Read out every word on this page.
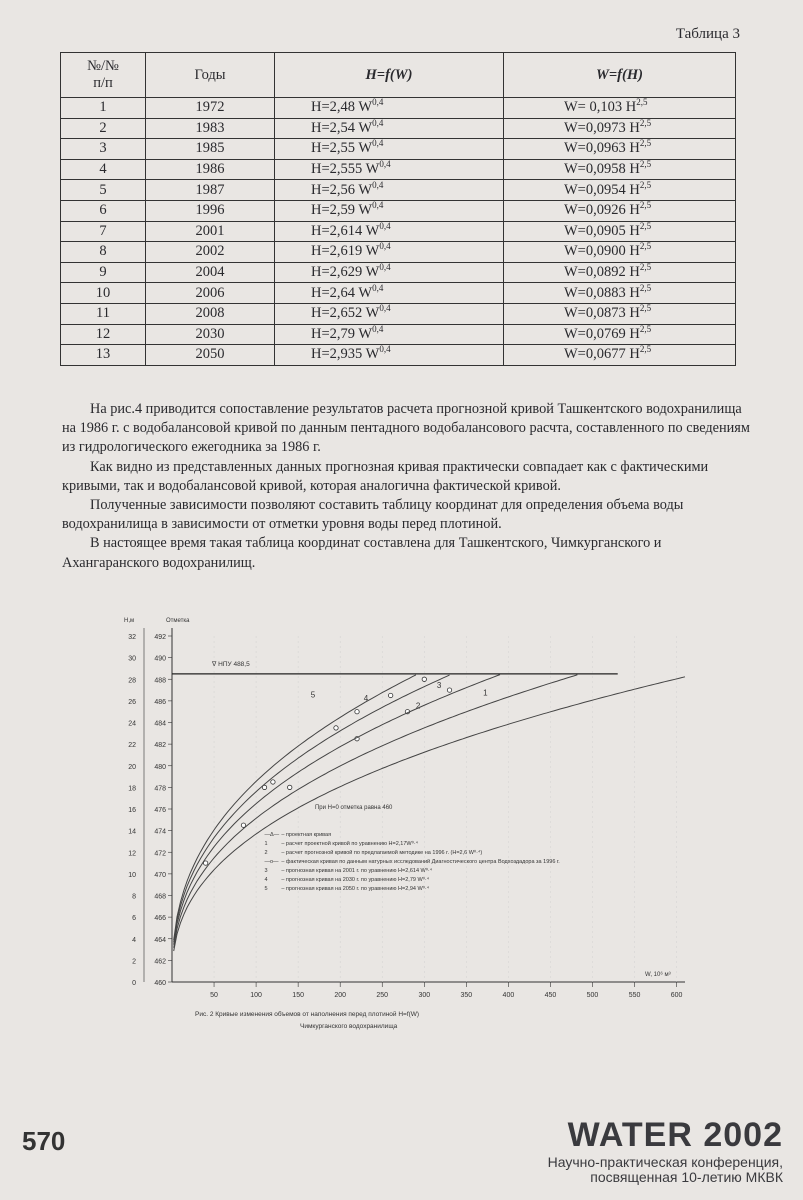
Таблица 3
№/№
п/п	Годы	H=f(W)	W=f(H)
1	1972	H=2,48 W$^{0,4}$	W= 0,103 H$^{2,5}$
2	1983	H=2,54 W$^{0,4}$	W=0,0973 H$^{2,5}$
3	1985	H=2,55 W$^{0,4}$	W=0,0963 H$^{2,5}$
4	1986	H=2,555 W$^{0,4}$	W=0,0958 H$^{2,5}$
5	1987	H=2,56 W$^{0,4}$	W=0,0954 H$^{2,5}$
6	1996	H=2,59 W$^{0,4}$	W=0,0926 H$^{2,5}$
7	2001	H=2,614 W$^{0,4}$	W=0,0905 H$^{2,5}$
8	2002	H=2,619 W$^{0,4}$	W=0,0900 H$^{2,5}$
9	2004	H=2,629 W$^{0,4}$	W=0,0892 H$^{2,5}$
10	2006	H=2,64 W$^{0,4}$	W=0,0883 H$^{2,5}$
11	2008	H=2,652 W$^{0,4}$	W=0,0873 H$^{2,5}$
12	2030	H=2,79 W$^{0,4}$	W=0,0769 H$^{2,5}$
13	2050	H=2,935 W$^{0,4}$	W=0,0677 H$^{2,5}$

На рис.4 приводится сопоставление результатов расчета прогнозной кривой Ташкентского водохранилища на 1986 г. с водобалансовой кривой по данным пентадного водобалансового расчта, составленного по сведениям из гидрологического ежегодника за 1986 г.

Как видно из представленных данных прогнозная кривая практически совпадает как с фактическими кривыми, так и водобалансовой кривой, которая аналогична фактической кривой.

Полученные зависимости позволяют составить таблицу координат для определения объема воды водохранилища в зависимости от отметки уровня воды перед плотиной.

В настоящее время такая таблица координат составлена для Ташкентского, Чимкурганского и Ахангаранского водохранилищ.

H,м	Отметка
W, 10⁶ м³
0	460
2	462
4	464
6	466
8	468
10	470
12	472
14	474
16	476
18	478
20	480
22	482
24	484
26	486
28	488
30	490
32	492
50	100	150	200	250	300	350	400	450	500	550	600
∇ НПУ 488,5
1
2
3
4
5
При H=0 отметка равна 460
—Δ— – проектная кривая
1	– расчет проектной кривой по уравнению H=2,17W⁰·⁴
2	– расчет прогнозной кривой по предлагаемой методике на 1996 г. (H=2,6 W⁰·⁴)
—o— – фактическая кривая по данным натурных исследований Диагностического центра Водхоздадора за 1996 г.
3	– прогнозная кривая на 2001 г. по уравнению H=2,614 W⁰·⁴
4	– прогнозная кривая на 2030 г. по уравнению H=2,79 W⁰·⁴
5	– прогнозная кривая на 2050 г. по уравнению H=2,94 W⁰·⁴
Рис. 2 Кривые изменения объемов от наполнения перед плотиной H=f(W)
Чимкурганского водохранилища
570	WATER 2002
Научно-практическая конференция,
посвященная 10-летию МКВК
